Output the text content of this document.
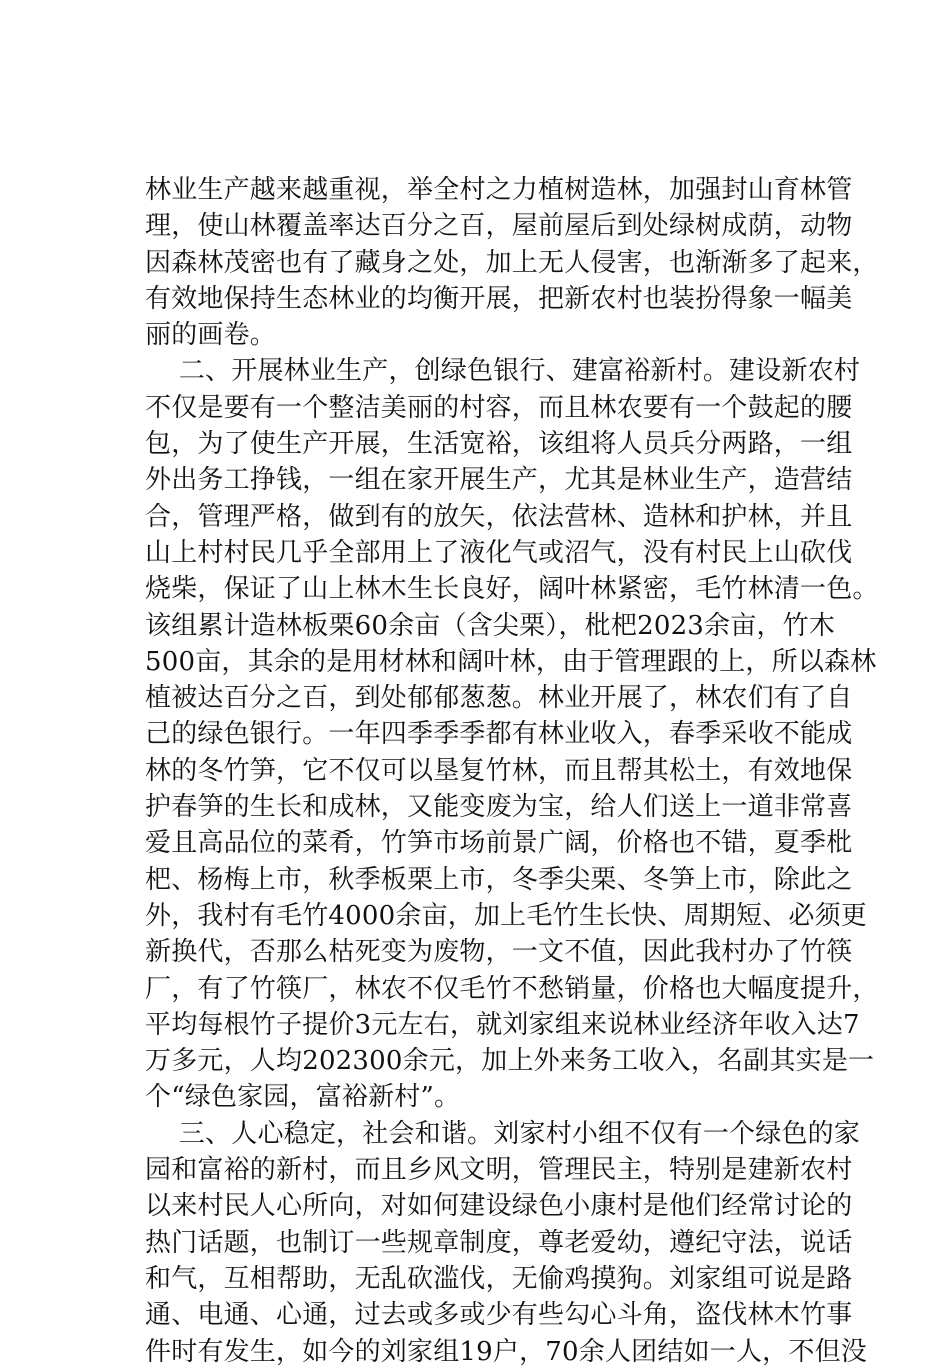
林业生产越来越重视，举全村之力植树造林，加强封山育林管
理，使山林覆盖率达百分之百，屋前屋后到处绿树成荫，动物
因森林茂密也有了藏身之处，加上无人侵害，也渐渐多了起来，
有效地保持生态林业的均衡开展，把新农村也装扮得象一幅美
丽的画卷。
二、开展林业生产，创绿色银行、建富裕新村。建设新农村
不仅是要有一个整洁美丽的村容，而且林农要有一个鼓起的腰
包，为了使生产开展，生活宽裕，该组将人员兵分两路，一组
外出务工挣钱，一组在家开展生产，尤其是林业生产，造营结
合，管理严格，做到有的放矢，依法营林、造林和护林，并且
山上村村民几乎全部用上了液化气或沼气，没有村民上山砍伐
烧柴，保证了山上林木生长良好，阔叶林紧密，毛竹林清一色。
该组累计造林板栗60余亩（含尖栗），枇杷2023余亩，竹木
500亩，其余的是用材林和阔叶林，由于管理跟的上，所以森林
植被达百分之百，到处郁郁葱葱。林业开展了，林农们有了自
己的绿色银行。一年四季季季都有林业收入，春季采收不能成
林的冬竹笋，它不仅可以垦复竹林，而且帮其松土，有效地保
护春笋的生长和成林，又能变废为宝，给人们送上一道非常喜
爱且高品位的菜肴，竹笋市场前景广阔，价格也不错，夏季枇
杷、杨梅上市，秋季板栗上市，冬季尖栗、冬笋上市，除此之
外，我村有毛竹4000余亩，加上毛竹生长快、周期短、必须更
新换代，否那么枯死变为废物，一文不值，因此我村办了竹筷
厂，有了竹筷厂，林农不仅毛竹不愁销量，价格也大幅度提升，
平均每根竹子提价3元左右，就刘家组来说林业经济年收入达7
万多元，人均202300余元，加上外来务工收入，名副其实是一
个“绿色家园，富裕新村”。
三、人心稳定，社会和谐。刘家村小组不仅有一个绿色的家
园和富裕的新村，而且乡风文明，管理民主，特别是建新农村
以来村民人心所向，对如何建设绿色小康村是他们经常讨论的
热门话题，也制订一些规章制度，尊老爱幼，遵纪守法，说话
和气，互相帮助，无乱砍滥伐，无偷鸡摸狗。刘家组可说是路
通、电通、心通，过去或多或少有些勾心斗角，盗伐林木竹事
件时有发生，如今的刘家组19户，70余人团结如一人，不但没
